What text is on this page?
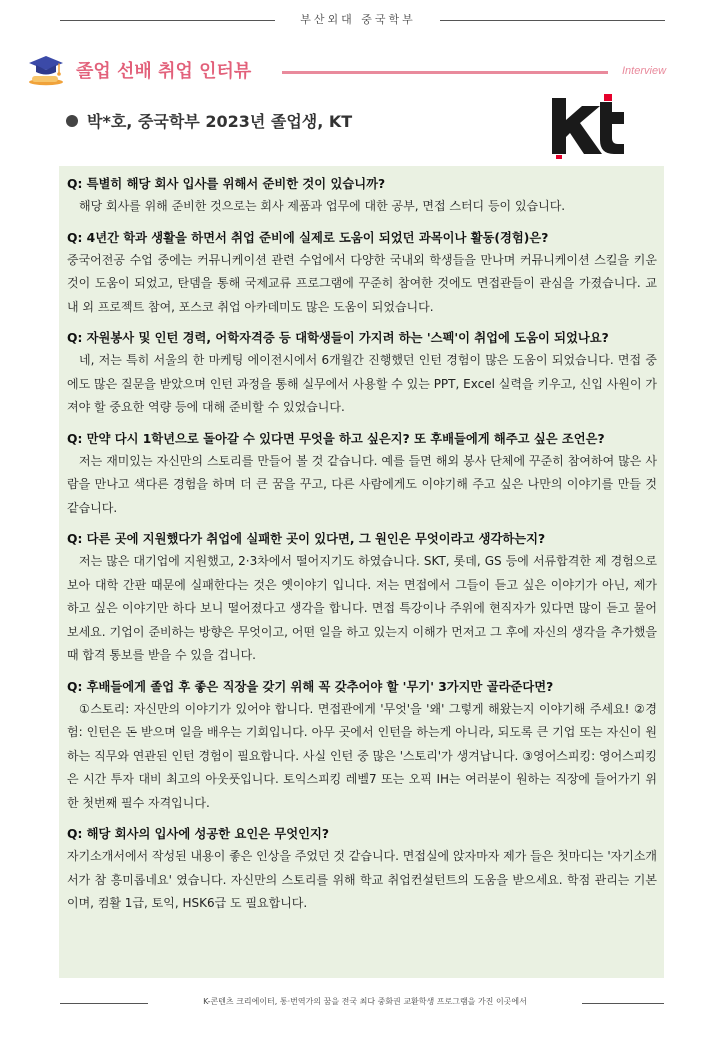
부산외대 중국학부
졸업 선배 취업 인터뷰	Interview
박*호, 중국학부 2023년 졸업생, KT
Q: 특별히 해당 회사 입사를 위해서 준비한 것이 있습니까?
해당 회사를 위해 준비한 것으로는 회사 제품과 업무에 대한 공부, 면접 스터디 등이 있습니다.
Q: 4년간 학과 생활을 하면서 취업 준비에 실제로 도움이 되었던 과목이나 활동(경험)은?
중국어전공 수업 중에는 커뮤니케이션 관련 수업에서 다양한 국내외 학생들을 만나며 커뮤니케이션 스킬을 키운 것이 도움이 되었고, 탄뎀을 통해 국제교류 프로그램에 꾸준히 참여한 것에도 면접관들이 관심을 가졌습니다. 교내 외 프로젝트 참여, 포스코 취업 아카데미도 많은 도움이 되었습니다.
Q: 자원봉사 및 인턴 경력, 어학자격증 등 대학생들이 가지려 하는 '스펙'이 취업에 도움이 되었나요?
네, 저는 특히 서울의 한 마케팅 에이전시에서 6개월간 진행했던 인턴 경험이 많은 도움이 되었습니다. 면접 중에도 많은 질문을 받았으며 인턴 과정을 통해 실무에서 사용할 수 있는 PPT, Excel 실력을 키우고, 신입 사원이 가져야 할 중요한 역량 등에 대해 준비할 수 있었습니다.
Q: 만약 다시 1학년으로 돌아갈 수 있다면 무엇을 하고 싶은지? 또 후배들에게 해주고 싶은 조언은?
저는 재미있는 자신만의 스토리를 만들어 볼 것 같습니다. 예를 들면 해외 봉사 단체에 꾸준히 참여하여 많은 사람을 만나고 색다른 경험을 하며 더 큰 꿈을 꾸고, 다른 사람에게도 이야기해 주고 싶은 나만의 이야기를 만들 것 같습니다.
Q: 다른 곳에 지원했다가 취업에 실패한 곳이 있다면, 그 원인은 무엇이라고 생각하는지?
저는 많은 대기업에 지원했고, 2·3차에서 떨어지기도 하였습니다. SKT, 롯데, GS 등에 서류합격한 제 경험으로 보아 대학 간판 때문에 실패한다는 것은 옛이야기 입니다. 저는 면접에서 그들이 듣고 싶은 이야기가 아닌, 제가 하고 싶은 이야기만 하다 보니 떨어졌다고 생각을 합니다. 면접 특강이나 주위에 현직자가 있다면 많이 듣고 물어보세요. 기업이 준비하는 방향은 무엇이고, 어떤 일을 하고 있는지 이해가 먼저고 그 후에 자신의 생각을 추가했을 때 합격 통보를 받을 수 있을 겁니다.
Q: 후배들에게 졸업 후 좋은 직장을 갖기 위해 꼭 갖추어야 할 '무기' 3가지만 골라준다면?
①스토리: 자신만의 이야기가 있어야 합니다. 면접관에게 '무엇'을 '왜' 그렇게 해왔는지 이야기해 주세요! ②경험: 인턴은 돈 받으며 일을 배우는 기회입니다. 아무 곳에서 인턴을 하는게 아니라, 되도록 큰 기업 또는 자신이 원하는 직무와 연관된 인턴 경험이 필요합니다. 사실 인턴 중 많은 '스토리'가 생겨납니다. ③영어스피킹: 영어스피킹은 시간 투자 대비 최고의 아웃풋입니다. 토익스피킹 레벨7 또는 오픽 IH는 여러분이 원하는 직장에 들어가기 위한 첫번째 필수 자격입니다.
Q: 해당 회사의 입사에 성공한 요인은 무엇인지?
자기소개서에서 작성된 내용이 좋은 인상을 주었던 것 같습니다. 면접실에 앉자마자 제가 들은 첫마디는 '자기소개서가 참 흥미롭네요' 였습니다. 자신만의 스토리를 위해 학교 취업컨설턴트의 도움을 받으세요. 학점 관리는 기본이며, 컴활 1급, 토익, HSK6급 도 필요합니다.
K-콘텐츠 크리에이터, 통·번역가의 꿈을 전국 최다 중화권 교환학생 프로그램을 가진 이곳에서
